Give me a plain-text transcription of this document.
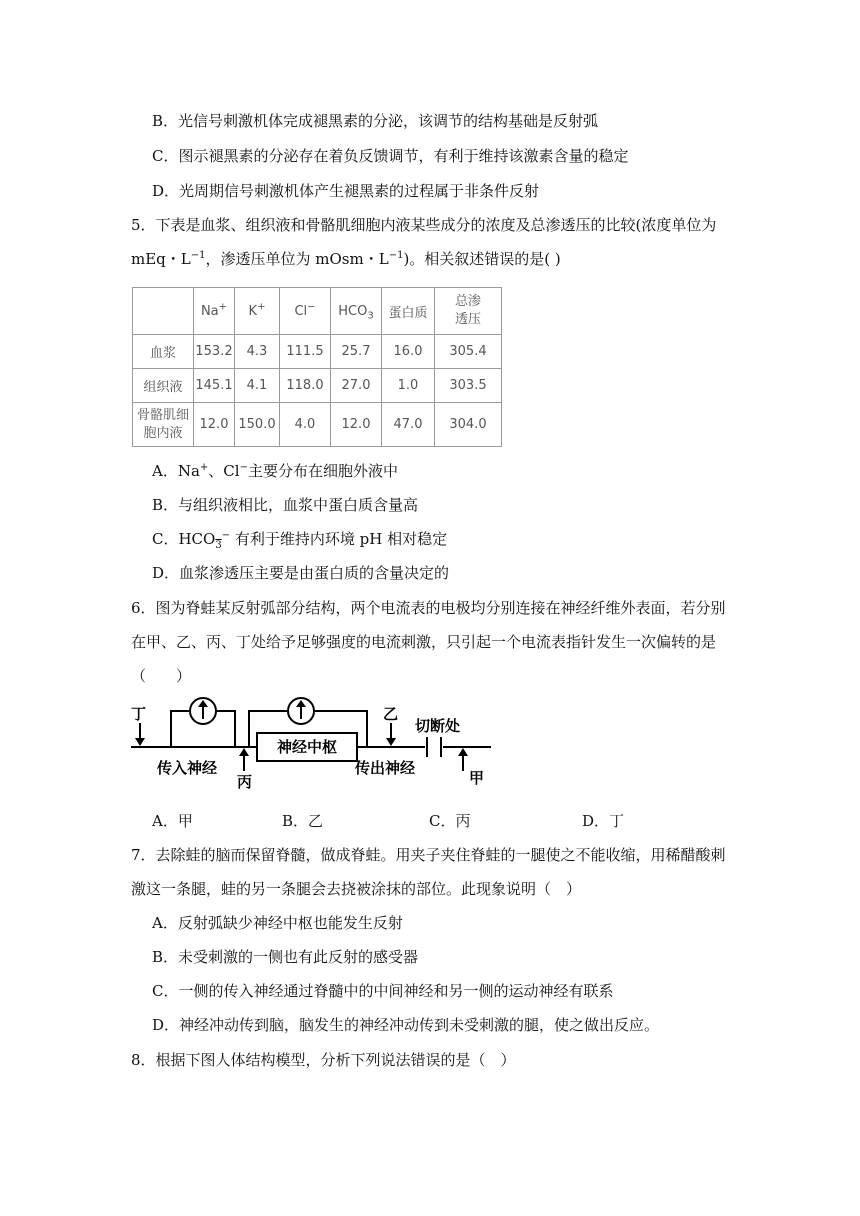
B．光信号刺激机体完成褪黑素的分泌，该调节的结构基础是反射弧
C．图示褪黑素的分泌存在着负反馈调节，有利于维持该激素含量的稳定
D．光周期信号刺激机体产生褪黑素的过程属于非条件反射
5．下表是血浆、组织液和骨骼肌细胞内液某些成分的浓度及总渗透压的比较(浓度单位为
mEq・$L^{-1}$，渗透压单位为 mOsm・$L^{-1}$)。相关叙述错误的是( )
	Na+	K+	Cl−	$HCO_3$	蛋白质	总渗
透压
血浆	153.2	4.3	111.5	25.7	16.0	305.4
组织液	145.1	4.1	118.0	27.0	1.0	303.5
骨骼肌细
胞内液	12.0	150.0	4.0	12.0	47.0	304.0
A．Na+、Cl−主要分布在细胞外液中
B．与组织液相比，血浆中蛋白质含量高
C．$HCO_3^-$ 有利于维持内环境 pH 相对稳定
D．血浆渗透压主要是由蛋白质的含量决定的
6．图为脊蛙某反射弧部分结构，两个电流表的电极均分别连接在神经纤维外表面，若分别
在甲、乙、丙、丁处给予足够强度的电流刺激，只引起一个电流表指针发生一次偏转的是
（　　）
丁
丙
乙
甲
神经中枢
传入神经	传出神经
切断处
A．甲	B．乙	C．丙	D．丁
7．去除蛙的脑而保留脊髓，做成脊蛙。用夹子夹住脊蛙的一腿使之不能收缩，用稀醋酸刺
激这一条腿，蛙的另一条腿会去挠被涂抹的部位。此现象说明（　）
A．反射弧缺少神经中枢也能发生反射
B．未受刺激的一侧也有此反射的感受器
C．一侧的传入神经通过脊髓中的中间神经和另一侧的运动神经有联系
D．神经冲动传到脑，脑发生的神经冲动传到未受刺激的腿，使之做出反应。
8．根据下图人体结构模型，分析下列说法错误的是（　）
